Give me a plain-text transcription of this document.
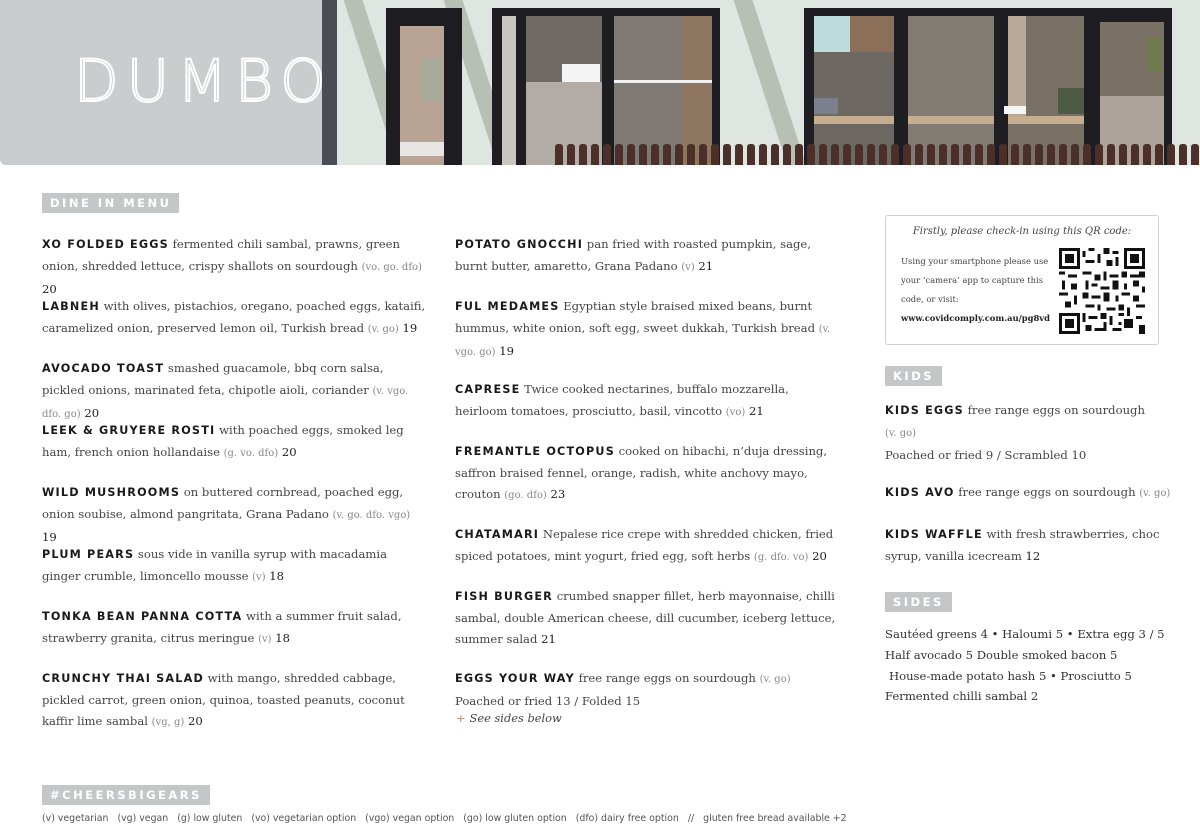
DUMBO
DINE IN MENU
XO FOLDED EGGS fermented chili sambal, prawns, green onion, shredded lettuce, crispy shallots on sourdough (vo. go. dfo) 20
LABNEH with olives, pistachios, oregano, poached eggs, kataifi, caramelized onion, preserved lemon oil, Turkish bread (v. go) 19
AVOCADO TOAST smashed guacamole, bbq corn salsa, pickled onions, marinated feta, chipotle aioli, coriander (v. vgo. dfo. go) 20
LEEK & GRUYERE ROSTI with poached eggs, smoked leg ham, french onion hollandaise (g. vo. dfo) 20
WILD MUSHROOMS on buttered cornbread, poached egg, onion soubise, almond pangritata, Grana Padano (v. go. dfo. vgo) 19
PLUM PEARS sous vide in vanilla syrup with macadamia ginger crumble, limoncello mousse (v) 18
TONKA BEAN PANNA COTTA with a summer fruit salad, strawberry granita, citrus meringue (v) 18
CRUNCHY THAI SALAD with mango, shredded cabbage, pickled carrot, green onion, quinoa, toasted peanuts, coconut kaffir lime sambal (vg, g) 20
POTATO GNOCCHI pan fried with roasted pumpkin, sage, burnt butter, amaretto, Grana Padano (v) 21
FUL MEDAMES Egyptian style braised mixed beans, burnt hummus, white onion, soft egg, sweet dukkah, Turkish bread (v. vgo. go) 19
CAPRESE Twice cooked nectarines, buffalo mozzarella, heirloom tomatoes, prosciutto, basil, vincotto (vo) 21
FREMANTLE OCTOPUS cooked on hibachi, n’duja dressing, saffron braised fennel, orange, radish, white anchovy mayo, crouton (go. dfo) 23
CHATAMARI Nepalese rice crepe with shredded chicken, fried spiced potatoes, mint yogurt, fried egg, soft herbs (g. dfo. vo) 20
FISH BURGER crumbed snapper fillet, herb mayonnaise, chilli sambal, double American cheese, dill cucumber, iceberg lettuce, summer salad 21
EGGS YOUR WAY free range eggs on sourdough (v. go)
Poached or fried 13 / Folded 15
+ See sides below
Firstly, please check-in using this QR code:
Using your smartphone please use your ‘camera’ app to capture this code, or visit:
www.covidcomply.com.au/pg8vd
KIDS
KIDS EGGS free range eggs on sourdough (v. go)
Poached or fried 9 / Scrambled 10
KIDS AVO free range eggs on sourdough (v. go)
KIDS WAFFLE with fresh strawberries, choc syrup, vanilla icecream 12
SIDES
Sautéed greens 4 • Haloumi 5 • Extra egg 3 / 5
Half avocado 5 Double smoked bacon 5
House-made potato hash 5 • Prosciutto 5
Fermented chilli sambal 2
#CHEERSBIGEARS
(v) vegetarian (vg) vegan (g) low gluten (vo) vegetarian option (vgo) vegan option (go) low gluten option (dfo) dairy free option // gluten free bread available +2
